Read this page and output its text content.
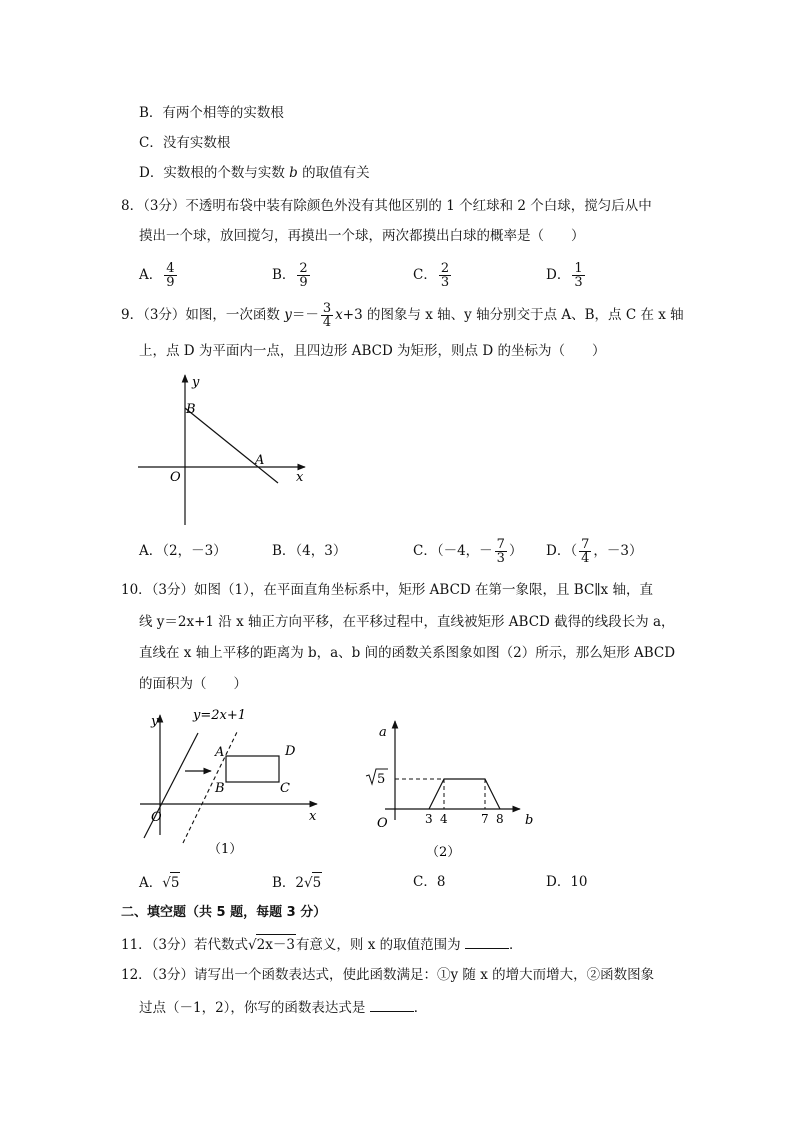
B．有两个相等的实数根
C．没有实数根
D．实数根的个数与实数 b 的取值有关
8．（3分）不透明布袋中装有除颜色外没有其他区别的 1 个红球和 2 个白球，搅匀后从中
摸出一个球，放回搅匀，再摸出一个球，两次都摸出白球的概率是（　　）
A． $\frac{4}{9}$	B． $\frac{2}{9}$	C． $\frac{2}{3}$	D． $\frac{1}{3}$
9．（3分）如图，一次函数 $y=- \frac{3}{4} x+3$ 的图象与 x 轴、y 轴分别交于点 A、B，点 C 在 x 轴
上，点 D 为平面内一点，且四边形 ABCD 为矩形，则点 D 的坐标为（　　）
y
B
A
O	x
A．（2，－3）	B．（4，3）	C．（－4，－ $\frac{7}{3}$ ） D．（ $\frac{7}{4}$ ，－3）
10．（3分）如图（1），在平面直角坐标系中，矩形 ABCD 在第一象限，且 BC∥x 轴，直
线 y＝2x+1 沿 x 轴正方向平移，在平移过程中，直线被矩形 ABCD 截得的线段长为 a，
直线在 x 轴上平移的距离为 b，a、b 间的函数关系图象如图（2）所示，那么矩形 ABCD
的面积为（　　）
y	y=2x+1
A	D
B	C
O	x
（1）
a
5
O	3 4	7 8 b
（2）
A．√5	B．2√5	C．8	D．10
二、填空题（共 5 题，每题 3 分）
11．（3分）若代数式√2x－3有意义，则 x 的取值范围为	．
12．（3分）请写出一个函数表达式，使此函数满足：①y 随 x 的增大而增大，②函数图象
过点（－1，2），你写的函数表达式是	．
